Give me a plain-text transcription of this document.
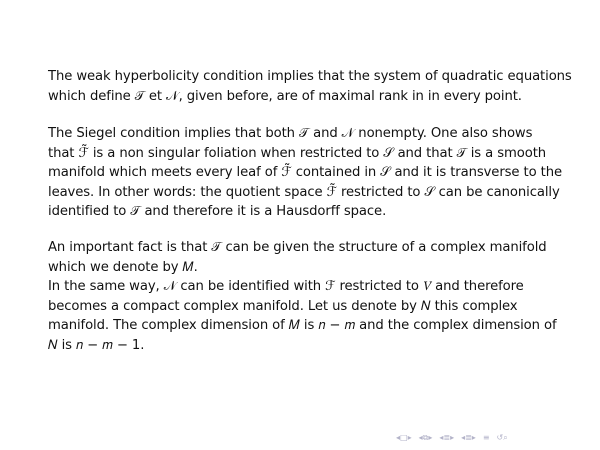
The weak hyperbolicity condition implies that the system of quadratic equations
which define 𝒯 et 𝒩, given before, are of maximal rank in in every point.
The Siegel condition implies that both 𝒯 and 𝒩 nonempty. One also shows
that ℱ̃ is a non singular foliation when restricted to 𝒮 and that 𝒯 is a smooth
manifold which meets every leaf of ℱ̃ contained in 𝒮 and it is transverse to the
leaves. In other words: the quotient space ℱ̃ restricted to 𝒮 can be canonically
identified to 𝒯 and therefore it is a Hausdorff space.
An important fact is that 𝒯 can be given the structure of a complex manifold
which we denote by 𝑀.
In the same way, 𝒩 can be identified with ℱ restricted to 𝑉 and therefore
becomes a compact complex manifold. Let us denote by 𝑁 this complex
manifold. The complex dimension of 𝑀 is 𝑛 − 𝑚 and the complex dimension of
𝑁 is 𝑛 − 𝑚 − 1.
◂ □ ▸ ◂ ⧉ ▸ ◂ ≣ ▸ ◂ ≣ ▸ ≡ ↺⌕
